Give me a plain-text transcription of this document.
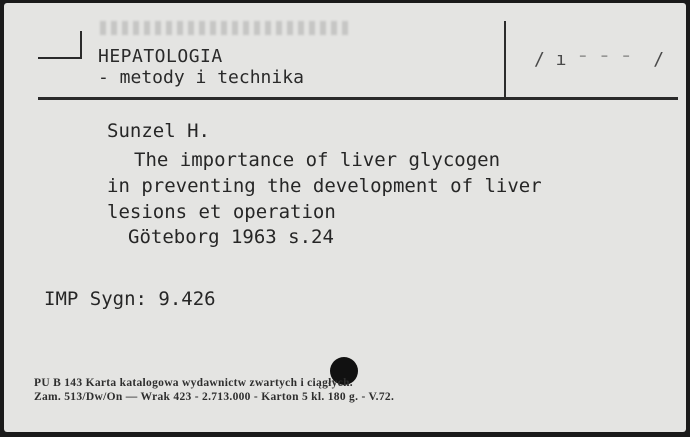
HEPATOLOGIA
- metody i technika
/ ı ⁻ ⁻ ⁻  /
Sunzel H.
The importance of liver glycogen
in preventing the development of liver
lesions et operation
Göteborg 1963 s.24
IMP Sygn: 9.426
PU B 143 Karta katalogowa wydawnictw zwartych i ciągłych.
Zam. 513/Dw/On — Wrak 423 - 2.713.000 - Karton 5 kl. 180 g. - V.72.
